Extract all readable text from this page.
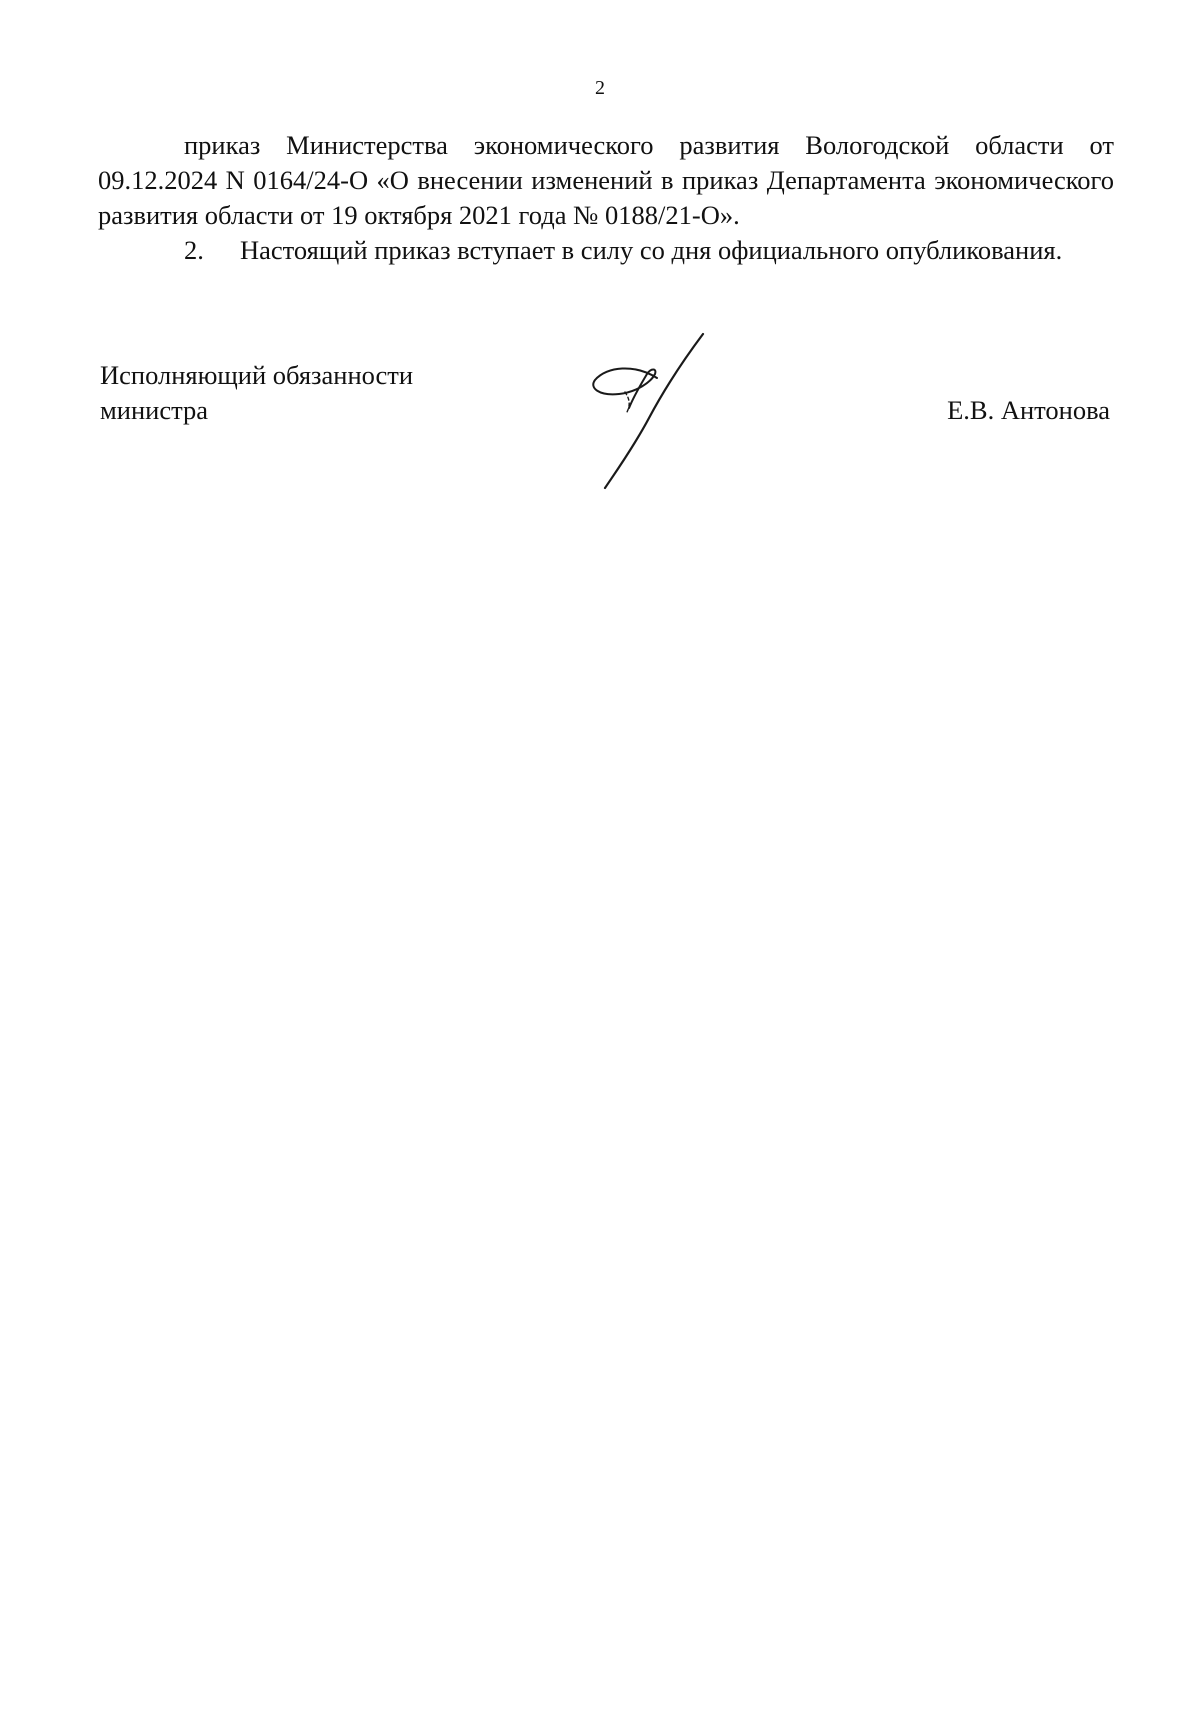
2

приказ Министерства экономического развития Вологодской области от 09.12.2024 N 0164/24-О «О внесении изменений в приказ Департамента экономического развития области от 19 октября 2021 года № 0188/21-О».

2. Настоящий приказ вступает в силу со дня официального опубликования.

Исполняющий обязанности
министра	Е.В. Антонова
